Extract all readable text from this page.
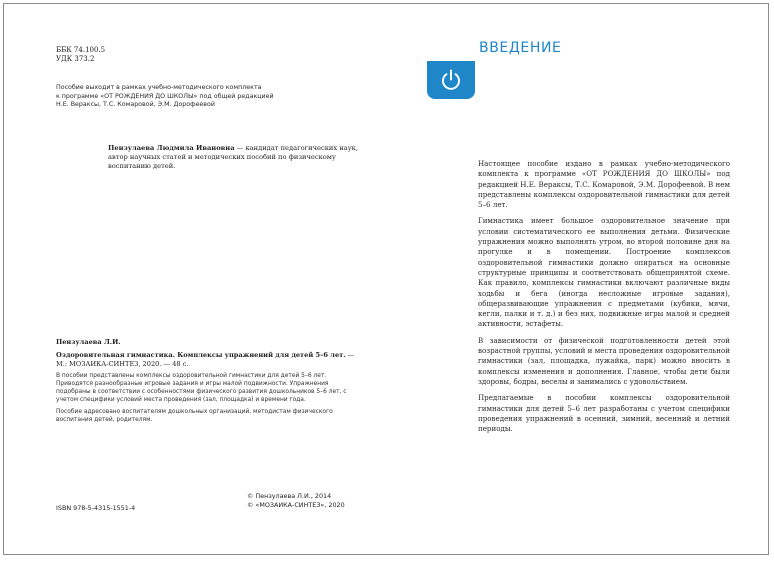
ББК 74.100.5
УДК 373.2
Пособие выходит в рамках учебно-методического комплекта
к программе «ОТ РОЖДЕНИЯ ДО ШКОЛЫ» под общей редакцией
Н.Е. Вераксы, Т.С. Комаровой, Э.М. Дорофеевой
Пензулаева Людмила Ивановна — кандидат педагогических наук, автор научных статей и методических пособий по физическому воспитанию детей.
Пензулаева Л.И.
Оздоровительная гимнастика. Комплексы упражнений для детей 5–6 лет. — М.: МОЗАИКА-СИНТЕЗ, 2020. — 48 с.

В пособии представлены комплексы оздоровительной гимнастики для детей 5–6 лет. Приводятся разнообразные игровые задания и игры малой подвижности. Упражнения подобраны в соответствии с особенностями физического развития дошкольников 5–6 лет, с учетом специфики условий места проведения (зал, площадка) и времени года.

Пособие адресовано воспитателям дошкольных организаций, методистам физического воспитания детей, родителям.

ISBN 978-5-4315-1551-4
© Пензулаева Л.И., 2014
© «МОЗАИКА-СИНТЕЗ», 2020
ВВЕДЕНИЕ

Настоящее пособие издано в рамках учебно-методического комплекта к программе «ОТ РОЖДЕНИЯ ДО ШКОЛЫ» под редакцией Н.Е. Вераксы, Т.С. Комаровой, Э.М. Дорофеевой. В нем представлены комплексы оздоровительной гимнастики для детей 5–6 лет.

Гимнастика имеет большое оздоровительное значение при условии систематического ее выполнения детьми. Физические упражнения можно выполнять утром, во второй половине дня на прогулке и в помещении. Построение комплексов оздоровительной гимнастики должно опираться на основные структурные принципы и соответствовать общепринятой схеме. Как правило, комплексы гимнастики включают различные виды ходьбы и бега (иногда несложные игровые задания), общеразвивающие упражнения с предметами (кубики, мячи, кегли, палки и т. д.) и без них, подвижные игры малой и средней активности, эстафеты.

В зависимости от физической подготовленности детей этой возрастной группы, условий и места проведения оздоровительной гимнастики (зал, площадка, лужайка, парк) можно вносить в комплексы изменения и дополнения. Главное, чтобы дети были здоровы, бодры, веселы и занимались с удовольствием.

Предлагаемые в пособии комплексы оздоровительной гимнастики для детей 5–6 лет разработаны с учетом специфики проведения упражнений в осенний, зимний, весенний и летний периоды.
